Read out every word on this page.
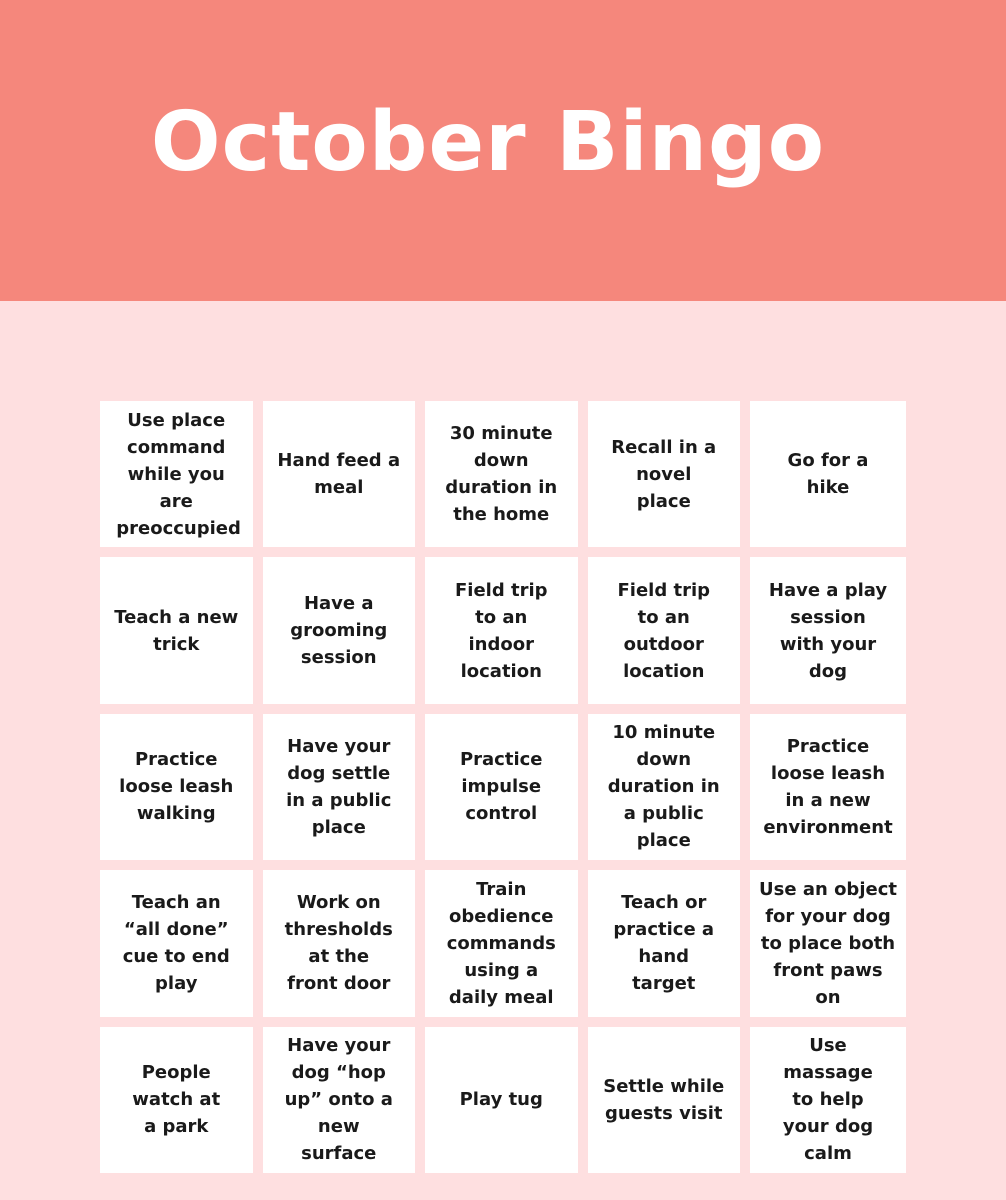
October Bingo
Use place command while you are preoccupied
Hand feed a meal
30 minute down duration in the home
Recall in a novel place
Go for a hike
Teach a new trick
Have a grooming session
Field trip to an indoor location
Field trip to an outdoor location
Have a play session with your dog
Practice loose leash walking
Have your dog settle in a public place
Practice impulse control
10 minute down duration in a public place
Practice loose leash in a new environment
Teach an “all done” cue to end play
Work on thresholds at the front door
Train obedience commands using a daily meal
Teach or practice a hand target
Use an object for your dog to place both front paws on
People watch at a park
Have your dog “hop up” onto a new surface
Play tug
Settle while guests visit
Use massage to help your dog calm
